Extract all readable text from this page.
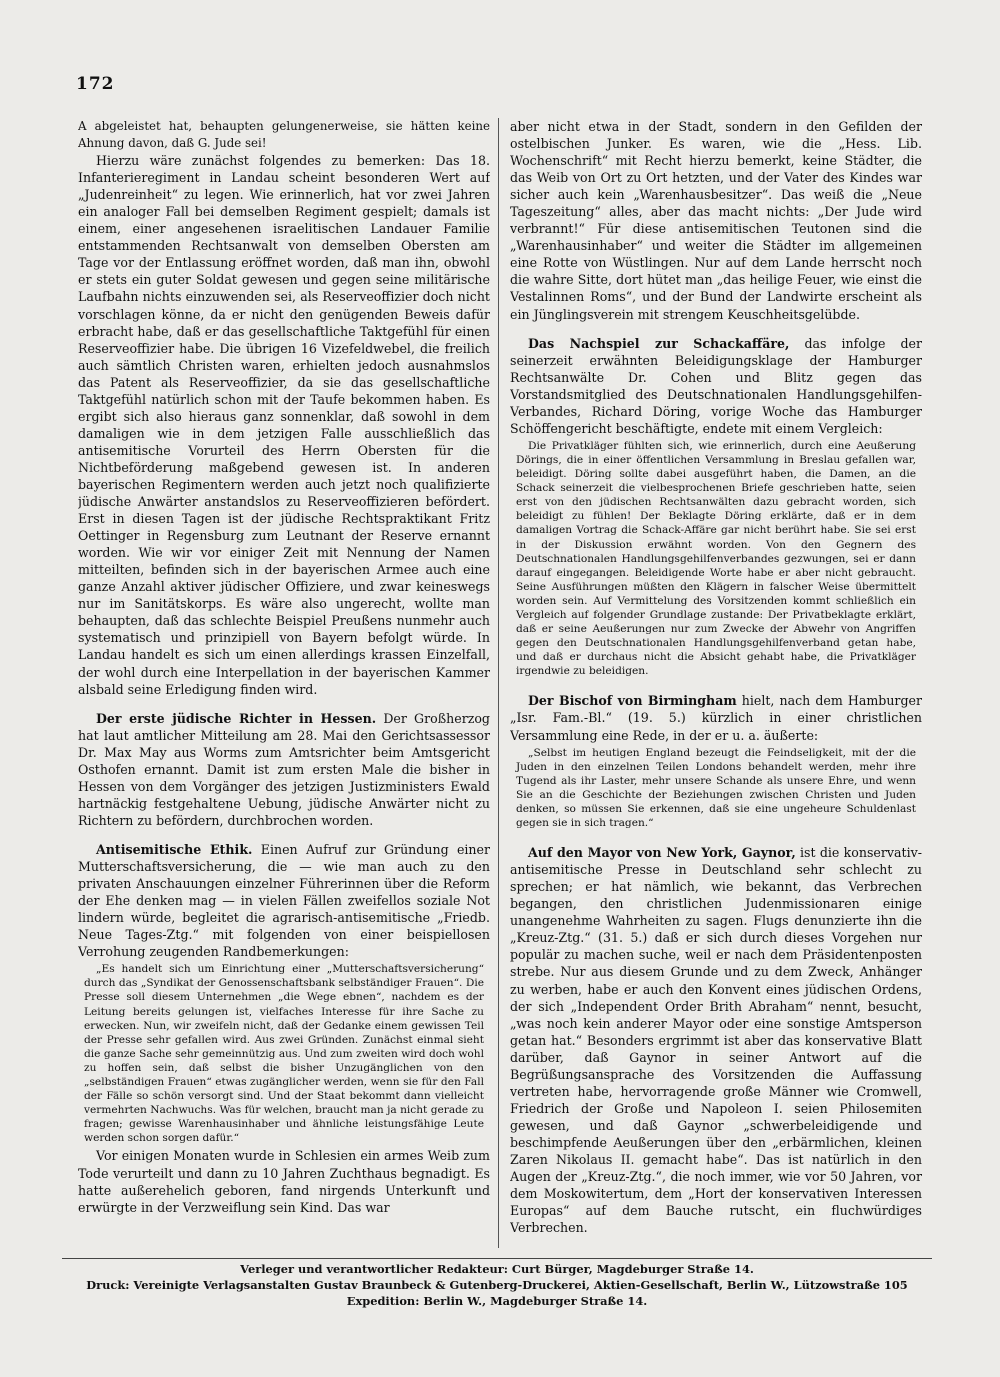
172

A abgeleistet hat, behaupten gelungenerweise, sie hätten keine Ahnung davon, daß G. Jude sei!

Hierzu wäre zunächst folgendes zu bemerken: Das 18. Infanterieregiment in Landau scheint besonderen Wert auf „Judenreinheit“ zu legen. Wie erinnerlich, hat vor zwei Jahren ein analoger Fall bei demselben Regiment gespielt; damals ist einem, einer angesehenen israelitischen Landauer Familie entstammenden Rechtsanwalt von demselben Obersten am Tage vor der Entlassung eröffnet worden, daß man ihn, obwohl er stets ein guter Soldat gewesen und gegen seine militärische Laufbahn nichts einzuwenden sei, als Reserveoffizier doch nicht vorschlagen könne, da er nicht den genügenden Beweis dafür erbracht habe, daß er das gesellschaftliche Taktgefühl für einen Reserveoffizier habe. Die übrigen 16 Vizefeldwebel, die freilich auch sämtlich Christen waren, erhielten jedoch ausnahmslos das Patent als Reserveoffizier, da sie das gesellschaftliche Taktgefühl natürlich schon mit der Taufe bekommen haben. Es ergibt sich also hieraus ganz sonnenklar, daß sowohl in dem damaligen wie in dem jetzigen Falle ausschließlich das antisemitische Vorurteil des Herrn Obersten für die Nichtbeförderung maßgebend gewesen ist. In anderen bayerischen Regimentern werden auch jetzt noch qualifizierte jüdische Anwärter anstandslos zu Reserveoffizieren befördert. Erst in diesen Tagen ist der jüdische Rechtspraktikant Fritz Oettinger in Regensburg zum Leutnant der Reserve ernannt worden. Wie wir vor einiger Zeit mit Nennung der Namen mitteilten, befinden sich in der bayerischen Armee auch eine ganze Anzahl aktiver jüdischer Offiziere, und zwar keineswegs nur im Sanitätskorps. Es wäre also ungerecht, wollte man behaupten, daß das schlechte Beispiel Preußens nunmehr auch systematisch und prinzipiell von Bayern befolgt würde. In Landau handelt es sich um einen allerdings krassen Einzelfall, der wohl durch eine Interpellation in der bayerischen Kammer alsbald seine Erledigung finden wird.

Der erste jüdische Richter in Hessen. Der Großherzog hat laut amtlicher Mitteilung am 28. Mai den Gerichtsassessor Dr. Max May aus Worms zum Amtsrichter beim Amtsgericht Osthofen ernannt. Damit ist zum ersten Male die bisher in Hessen von dem Vorgänger des jetzigen Justizministers Ewald hartnäckig festgehaltene Uebung, jüdische Anwärter nicht zu Richtern zu befördern, durchbrochen worden.

Antisemitische Ethik. Einen Aufruf zur Gründung einer Mutterschaftsversicherung, die — wie man auch zu den privaten Anschauungen einzelner Führerinnen über die Reform der Ehe denken mag — in vielen Fällen zweifellos soziale Not lindern würde, begleitet die agrarisch-antisemitische „Friedb. Neue Tages-Ztg.“ mit folgenden von einer beispiellosen Verrohung zeugenden Randbemerkungen:

„Es handelt sich um Einrichtung einer „Mutterschaftsversicherung“ durch das „Syndikat der Genossenschaftsbank selbständiger Frauen“. Die Presse soll diesem Unternehmen „die Wege ebnen“, nachdem es der Leitung bereits gelungen ist, vielfaches Interesse für ihre Sache zu erwecken. Nun, wir zweifeln nicht, daß der Gedanke einem gewissen Teil der Presse sehr gefallen wird. Aus zwei Gründen. Zunächst einmal sieht die ganze Sache sehr gemeinnützig aus. Und zum zweiten wird doch wohl zu hoffen sein, daß selbst die bisher Unzugänglichen von den „selbständigen Frauen“ etwas zugänglicher werden, wenn sie für den Fall der Fälle so schön versorgt sind. Und der Staat bekommt dann vielleicht vermehrten Nachwuchs. Was für welchen, braucht man ja nicht gerade zu fragen; gewisse Warenhausinhaber und ähnliche leistungsfähige Leute werden schon sorgen dafür.“

Vor einigen Monaten wurde in Schlesien ein armes Weib zum Tode verurteilt und dann zu 10 Jahren Zuchthaus begnadigt. Es hatte außerehelich geboren, fand nirgends Unterkunft und erwürgte in der Verzweiflung sein Kind. Das war

aber nicht etwa in der Stadt, sondern in den Gefilden der ostelbischen Junker. Es waren, wie die „Hess. Lib. Wochenschrift“ mit Recht hierzu bemerkt, keine Städter, die das Weib von Ort zu Ort hetzten, und der Vater des Kindes war sicher auch kein „Warenhausbesitzer“. Das weiß die „Neue Tageszeitung“ alles, aber das macht nichts: „Der Jude wird verbrannt!“ Für diese antisemitischen Teutonen sind die „Warenhausinhaber“ und weiter die Städter im allgemeinen eine Rotte von Wüstlingen. Nur auf dem Lande herrscht noch die wahre Sitte, dort hütet man „das heilige Feuer, wie einst die Vestalinnen Roms“, und der Bund der Landwirte erscheint als ein Jünglingsverein mit strengem Keuschheitsgelübde.

Das Nachspiel zur Schackaffäre, das infolge der seinerzeit erwähnten Beleidigungsklage der Hamburger Rechtsanwälte Dr. Cohen und Blitz gegen das Vorstandsmitglied des Deutschnationalen Handlungsgehilfen-Verbandes, Richard Döring, vorige Woche das Hamburger Schöffengericht beschäftigte, endete mit einem Vergleich:

Die Privatkläger fühlten sich, wie erinnerlich, durch eine Aeußerung Dörings, die in einer öffentlichen Versammlung in Breslau gefallen war, beleidigt. Döring sollte dabei ausgeführt haben, die Damen, an die Schack seinerzeit die vielbesprochenen Briefe geschrieben hatte, seien erst von den jüdischen Rechtsanwälten dazu gebracht worden, sich beleidigt zu fühlen! Der Beklagte Döring erklärte, daß er in dem damaligen Vortrag die Schack-Affäre gar nicht berührt habe. Sie sei erst in der Diskussion erwähnt worden. Von den Gegnern des Deutschnationalen Handlungsgehilfenverbandes gezwungen, sei er dann darauf eingegangen. Beleidigende Worte habe er aber nicht gebraucht. Seine Ausführungen müßten den Klägern in falscher Weise übermittelt worden sein. Auf Vermittelung des Vorsitzenden kommt schließlich ein Vergleich auf folgender Grundlage zustande: Der Privatbeklagte erklärt, daß er seine Aeußerungen nur zum Zwecke der Abwehr von Angriffen gegen den Deutschnationalen Handlungsgehilfenverband getan habe, und daß er durchaus nicht die Absicht gehabt habe, die Privatkläger irgendwie zu beleidigen.

Der Bischof von Birmingham hielt, nach dem Hamburger „Isr. Fam.-Bl.“ (19. 5.) kürzlich in einer christlichen Versammlung eine Rede, in der er u. a. äußerte:

„Selbst im heutigen England bezeugt die Feindseligkeit, mit der die Juden in den einzelnen Teilen Londons behandelt werden, mehr ihre Tugend als ihr Laster, mehr unsere Schande als unsere Ehre, und wenn Sie an die Geschichte der Beziehungen zwischen Christen und Juden denken, so müssen Sie erkennen, daß sie eine ungeheure Schuldenlast gegen sie in sich tragen.“

Auf den Mayor von New York, Gaynor, ist die konservativ-antisemitische Presse in Deutschland sehr schlecht zu sprechen; er hat nämlich, wie bekannt, das Verbrechen begangen, den christlichen Judenmissionaren einige unangenehme Wahrheiten zu sagen. Flugs denunzierte ihn die „Kreuz-Ztg.“ (31. 5.) daß er sich durch dieses Vorgehen nur populär zu machen suche, weil er nach dem Präsidentenposten strebe. Nur aus diesem Grunde und zu dem Zweck, Anhänger zu werben, habe er auch den Konvent eines jüdischen Ordens, der sich „Independent Order Brith Abraham“ nennt, besucht, „was noch kein anderer Mayor oder eine sonstige Amtsperson getan hat.“ Besonders ergrimmt ist aber das konservative Blatt darüber, daß Gaynor in seiner Antwort auf die Begrüßungsansprache des Vorsitzenden die Auffassung vertreten habe, hervorragende große Männer wie Cromwell, Friedrich der Große und Napoleon I. seien Philosemiten gewesen, und daß Gaynor „schwerbeleidigende und beschimpfende Aeußerungen über den „erbärmlichen, kleinen Zaren Nikolaus II. gemacht habe“. Das ist natürlich in den Augen der „Kreuz-Ztg.“, die noch immer, wie vor 50 Jahren, vor dem Moskowitertum, dem „Hort der konservativen Interessen Europas“ auf dem Bauche rutscht, ein fluchwürdiges Verbrechen.

Verleger und verantwortlicher Redakteur: Curt Bürger, Magdeburger Straße 14.
Druck: Vereinigte Verlagsanstalten Gustav Braunbeck & Gutenberg-Druckerei, Aktien-Gesellschaft, Berlin W., Lützowstraße 105
Expedition: Berlin W., Magdeburger Straße 14.
